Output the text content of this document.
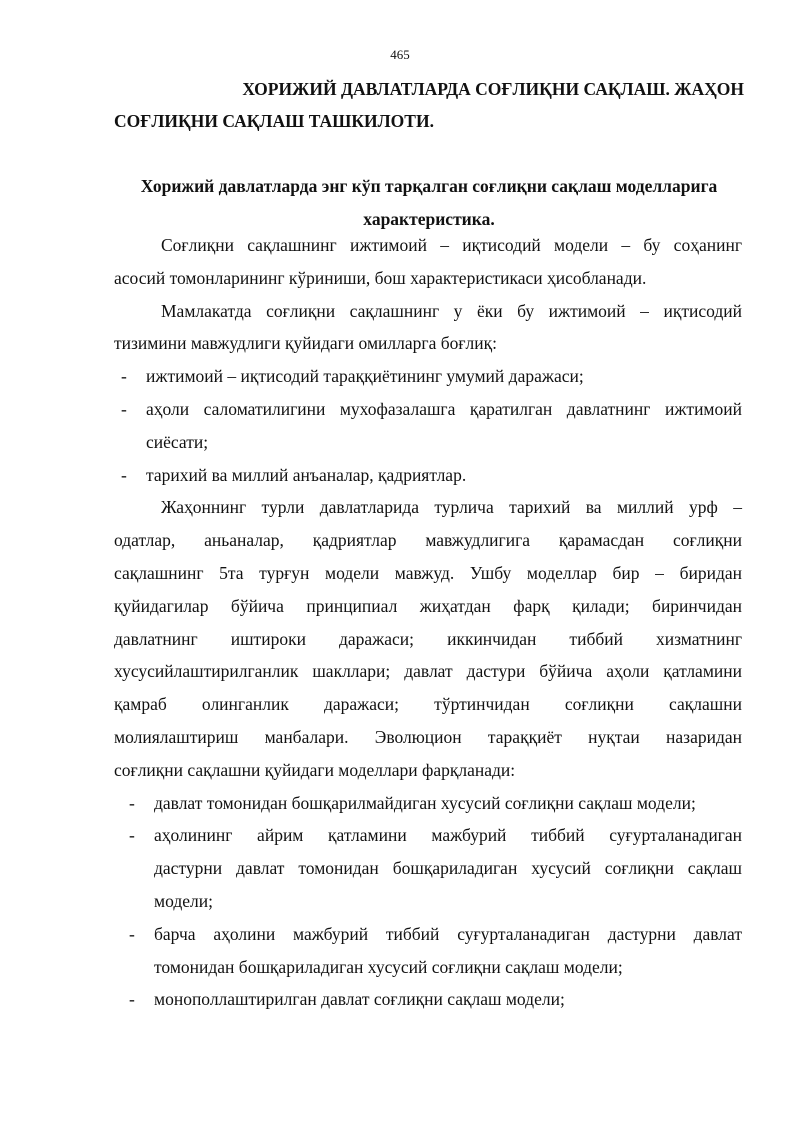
465
ХОРИЖИЙ ДАВЛАТЛАРДА СОҒЛИҚНИ САҚЛАШ. ЖАҲОН
СОҒЛИҚНИ САҚЛАШ ТАШКИЛОТИ.
Хорижий давлатларда энг кўп тарқалган соғлиқни сақлаш моделларига
характеристика.
Соғлиқни сақлашнинг ижтимоий – иқтисодий модели – бу соҳанинг
асосий томонларининг кўриниши, бош характеристикаси ҳисобланади.
Мамлакатда соғлиқни сақлашнинг у ёки бу ижтимоий – иқтисодий
тизимини мавжудлиги қуйидаги омилларга боғлиқ:
- ижтимоий – иқтисодий тараққиётининг умумий даражаси;
- аҳоли саломатилигини мухофазалашга қаратилган давлатнинг ижтимоий
сиёсати;
- тарихий ва миллий анъаналар, қадриятлар.
Жаҳоннинг турли давлатларида турлича тарихий ва миллий урф –
одатлар, аньаналар, қадриятлар мавжудлигига қарамасдан соғлиқни
сақлашнинг 5та турғун модели мавжуд. Ушбу моделлар бир – биридан
қуйидагилар бўйича принципиал жиҳатдан фарқ қилади; биринчидан
давлатнинг иштироки даражаси; иккинчидан тиббий хизматнинг
хусусийлаштирилганлик шакллари; давлат дастури бўйича аҳоли қатламини
қамраб олинганлик даражаси; тўртинчидан соғлиқни сақлашни
молиялаштириш манбалари. Эволюцион тараққиёт нуқтаи назаридан
соғлиқни сақлашни қуйидаги моделлари фарқланади:
- давлат томонидан бошқарилмайдиган хусусий соғлиқни сақлаш модели;
- аҳолининг айрим қатламини мажбурий тиббий суғурталанадиган
дастурни давлат томонидан бошқариладиган хусусий соғлиқни сақлаш
модели;
- барча аҳолини мажбурий тиббий суғурталанадиган дастурни давлат
томонидан бошқариладиган хусусий соғлиқни сақлаш модели;
- монополлаштирилган давлат соғлиқни сақлаш модели;
